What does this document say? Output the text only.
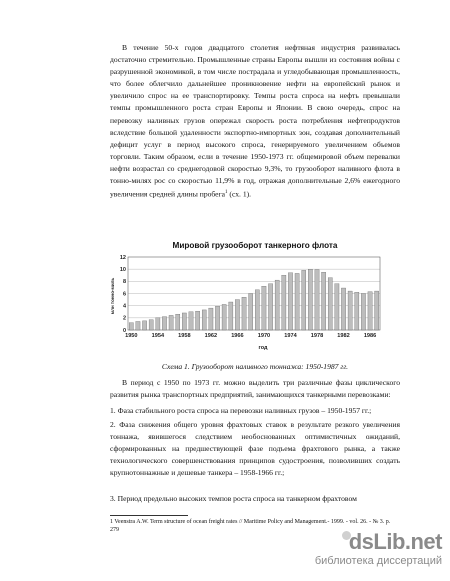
В течение 50-х годов двадцатого столетия нефтяная индустрия развивалась достаточно стремительно. Промышленные страны Европы вышли из состояния войны с разрушенной экономикой, в том числе пострадала и угледобывающая промышленность, что более облегчило дальнейшее проникновение нефти на европейский рынок и увеличило спрос на ее транспортировку. Темпы роста спроса на нефть превышали темпы промышленного роста стран Европы и Японии. В свою очередь, спрос на перевозку наливных грузов опережал скорость роста потребления нефтепродуктов вследствие большой удаленности экспортно-импортных зон, создавая дополнительный дефицит услуг в период высокого спроса, генерируемого увеличением объемов торговли. Таким образом, если в течение 1950-1973 гг. общемировой объем перевалки нефти возрастал со среднегодовой скоростью 9,3%, то грузооборот наливного флота в тонно-милях рос со скоростью 11,9% в год, отражая дополнительные 2,6% ежегодного увеличения средней длины пробега$^1$ (сх. 1).

Мировой грузооборот танкерного флота
0
2
4
6
8
10
12
1950	1954	1958	1962	1966	1970	1974	1978	1982	1986
млн тонно-миль
год
Схема 1. Грузооборот наливного тоннажа: 1950-1987 гг.

В период с 1950 по 1973 гг. можно выделить три различные фазы циклического развития рынка транспортных предприятий, занимающихся танкерными перевозками:

1. Фаза стабильного роста спроса на перевозки наливных грузов – 1950-1957 гг.;

2. Фаза снижения общего уровня фрахтовых ставок в результате резкого увеличения тоннажа, явившегося следствием необоснованных оптимистичных ожиданий, сформированных на предшествующей фазе подъема фрахтового рынка, а также технологического совершенствования принципов судостроения, позволивших создать крупнотоннажные и дешевые танкера – 1958-1966 гг.;

3. Период предельно высоких темпов роста спроса на танкерном фрахтовом

1 Veenstra A.W. Term structure of ocean freight rates // Maritime Policy and Management.- 1999. - vol. 26. - № 3. p. 279	dsLib.net
библиотека диссертаций
